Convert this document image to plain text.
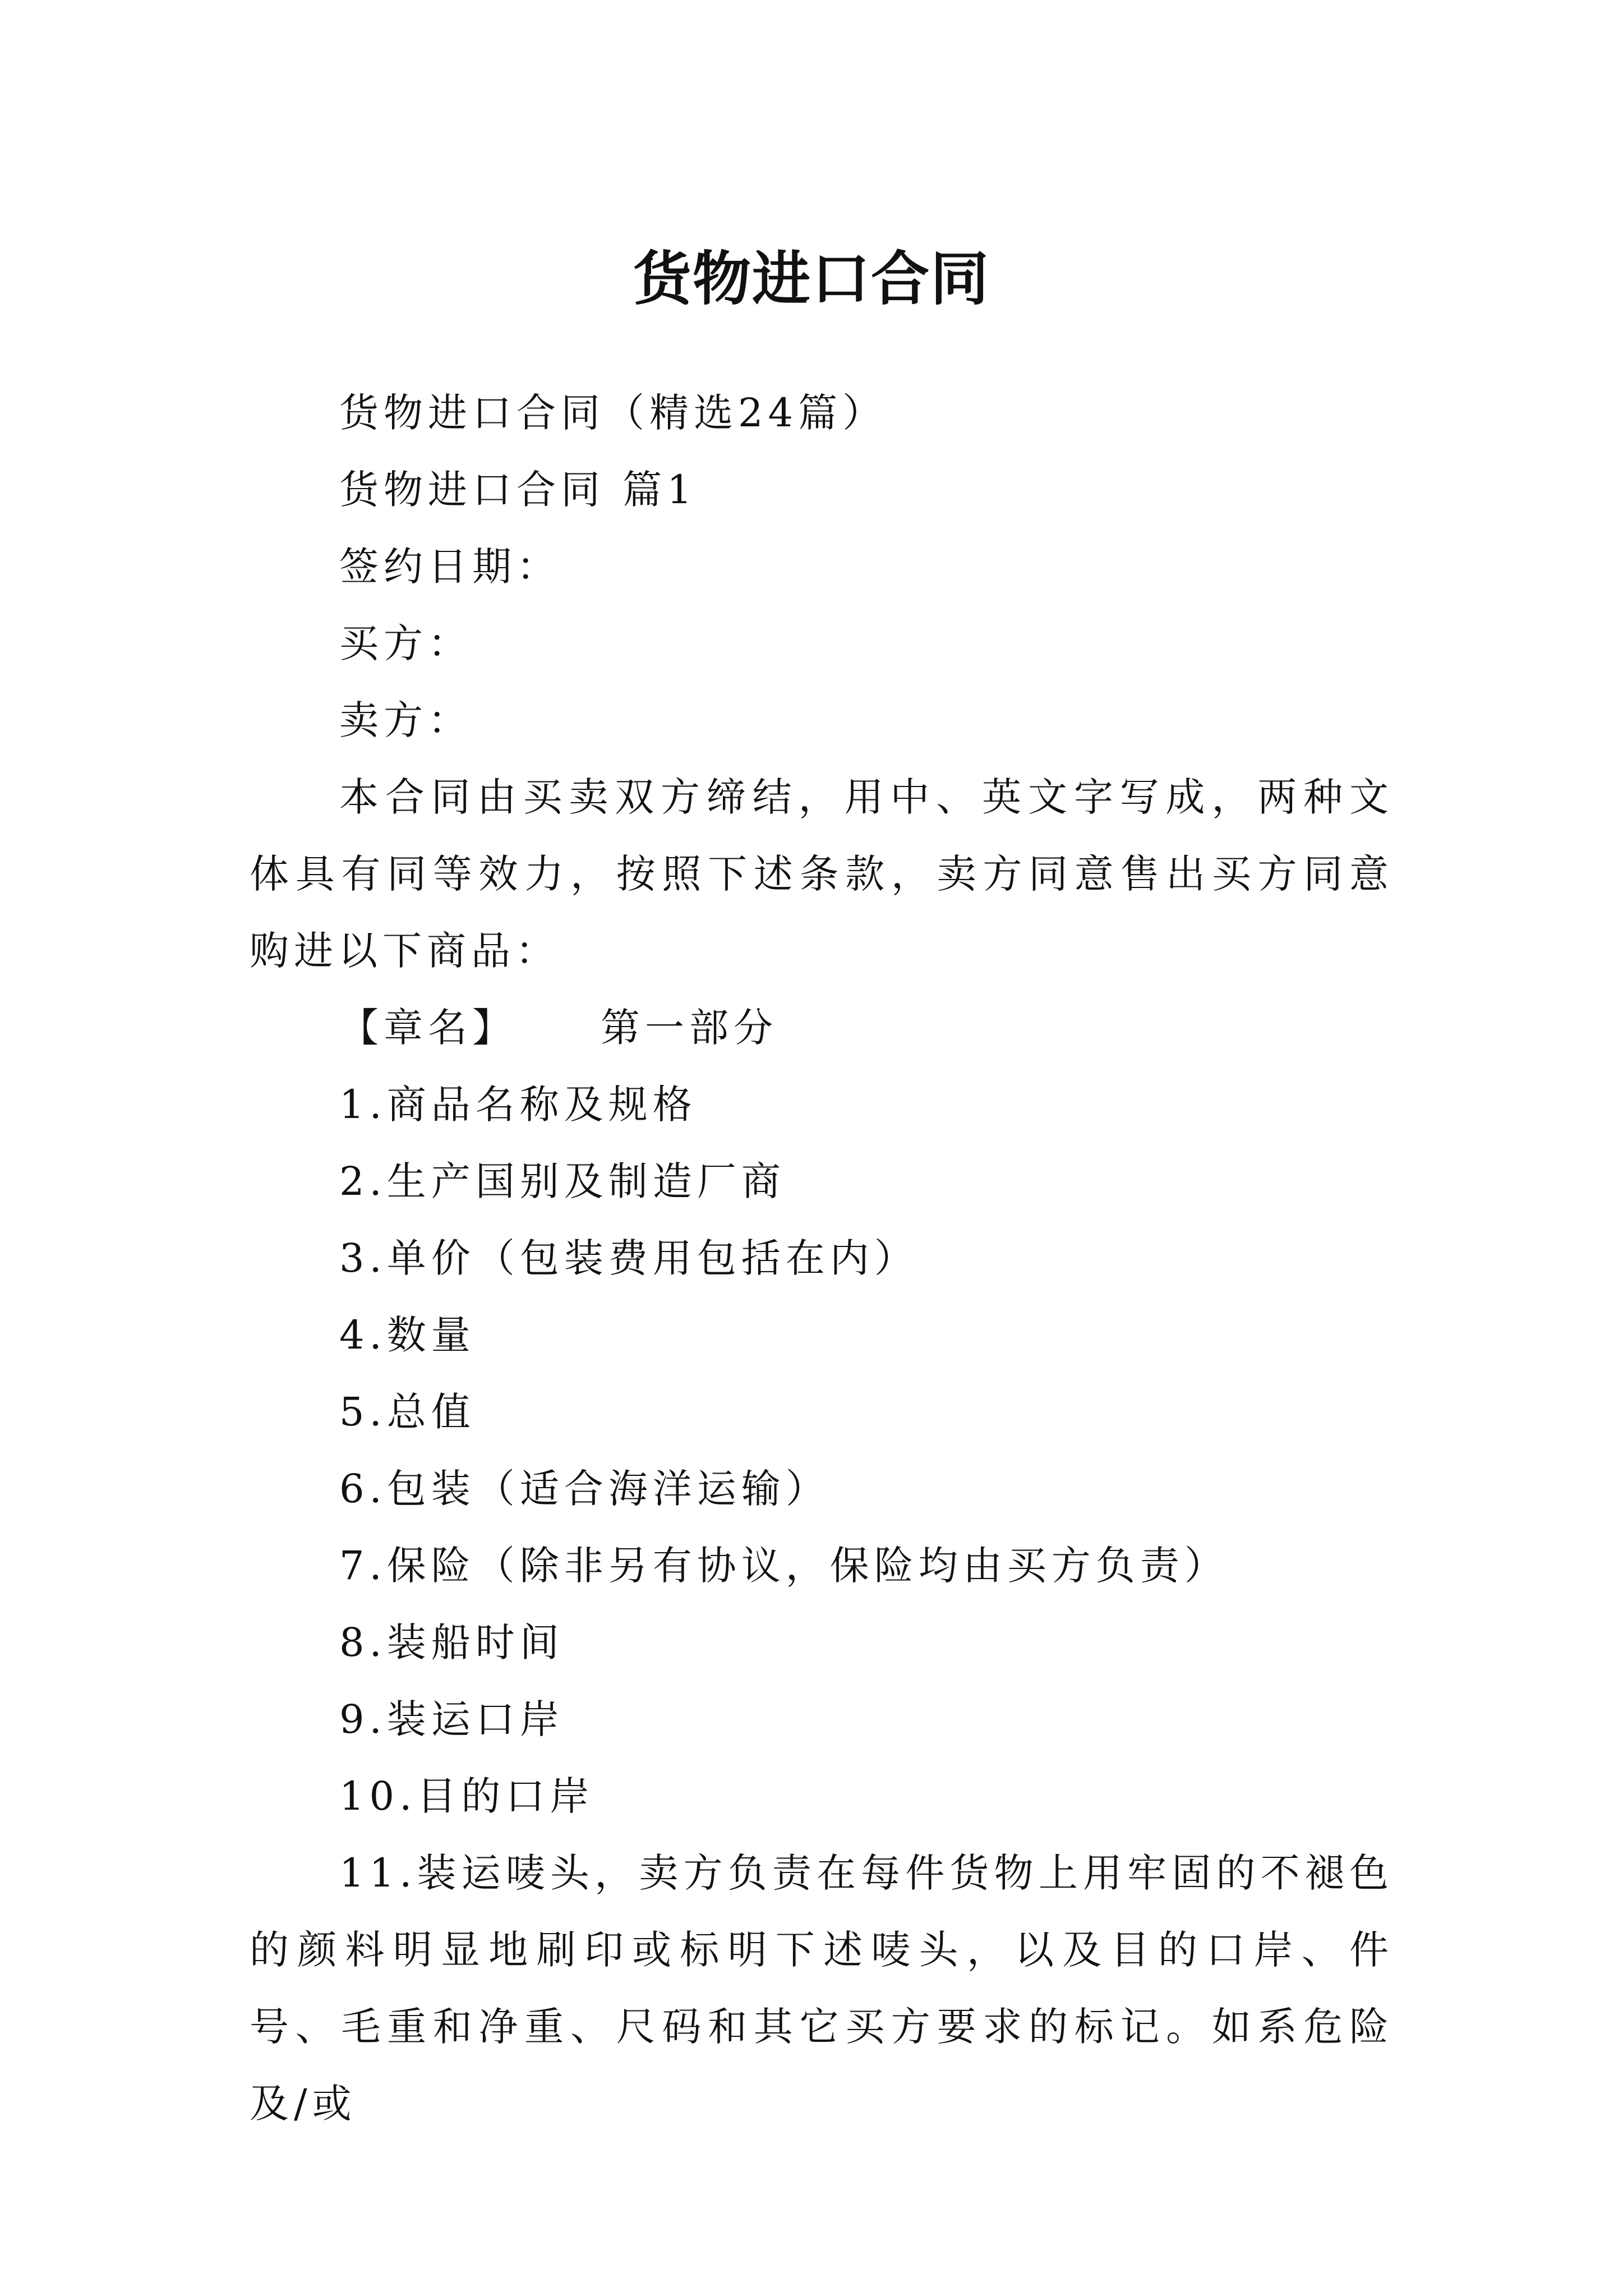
货物进口合同

货物进口合同（精选24篇）

货物进口合同 篇1

签约日期：

买方：

卖方：

本合同由买卖双方缔结，用中、英文字写成，两种文体具有同等效力，按照下述条款，卖方同意售出买方同意购进以下商品：

【章名】 第一部分

1.商品名称及规格

2.生产国别及制造厂商

3.单价（包装费用包括在内）

4.数量

5.总值

6.包装（适合海洋运输）

7.保险（除非另有协议，保险均由买方负责）

8.装船时间

9.装运口岸

10.目的口岸

11.装运唛头，卖方负责在每件货物上用牢固的不褪色的颜料明显地刷印或标明下述唛头，以及目的口岸、件号、毛重和净重、尺码和其它买方要求的标记。如系危险及/或
